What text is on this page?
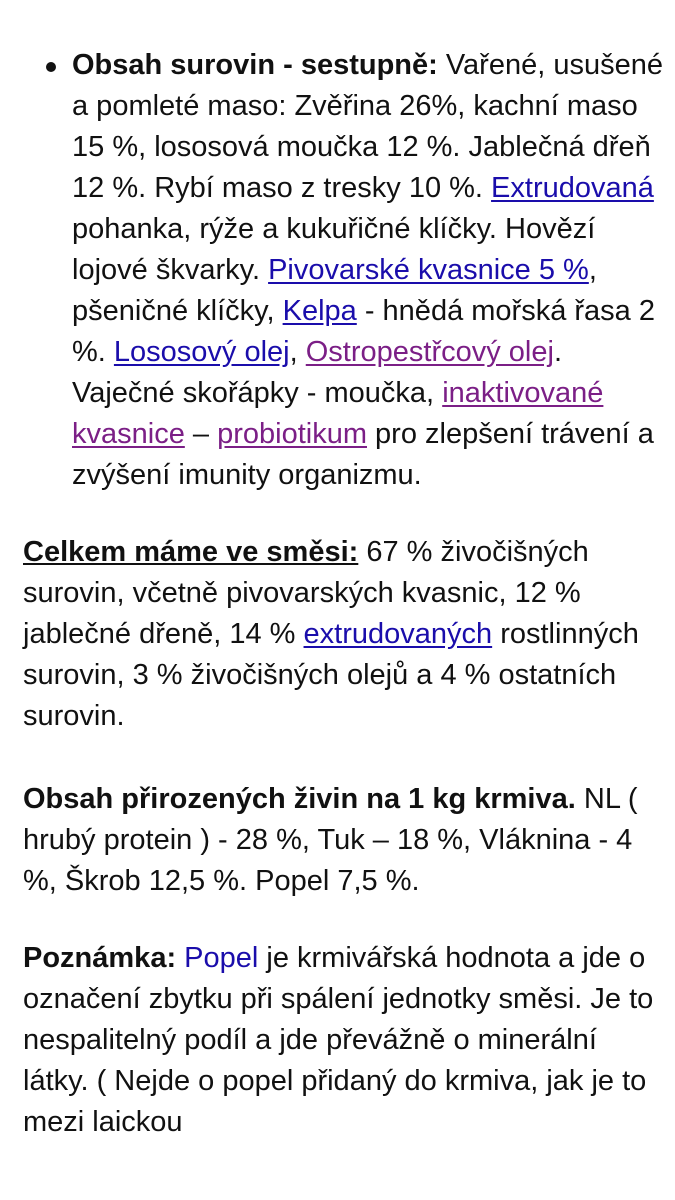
Obsah surovin - sestupně: Vařené, usušené a pomleté maso: Zvěřina 26%, kachní maso 15 %, lososová moučka 12 %. Jablečná dřeň 12 %. Rybí maso z tresky 10 %. Extrudovaná pohanka, rýže a kukuřičné klíčky. Hovězí lojové škvarky. Pivovarské kvasnice 5 %, pšeničné klíčky, Kelpa - hnědá mořská řasa 2 %. Lososový olej, Ostropestřcový olej. Vaječné skořápky - moučka, inaktivované kvasnice – probiotikum pro zlepšení trávení a zvýšení imunity organizmu.

Celkem máme ve směsi: 67 % živočišných surovin, včetně pivovarských kvasnic, 12 % jablečné dřeně, 14 % extrudovaných rostlinných surovin, 3 % živočišných olejů a 4 % ostatních surovin.

Obsah přirozených živin na 1 kg krmiva. NL ( hrubý protein ) - 28 %, Tuk – 18 %, Vláknina - 4 %, Škrob 12,5 %. Popel 7,5 %.

Poznámka: Popel je krmivářská hodnota a jde o označení zbytku při spálení jednotky směsi. Je to nespalitelný podíl a jde převážně o minerální látky. ( Nejde o popel přidaný do krmiva, jak je to mezi laickou
